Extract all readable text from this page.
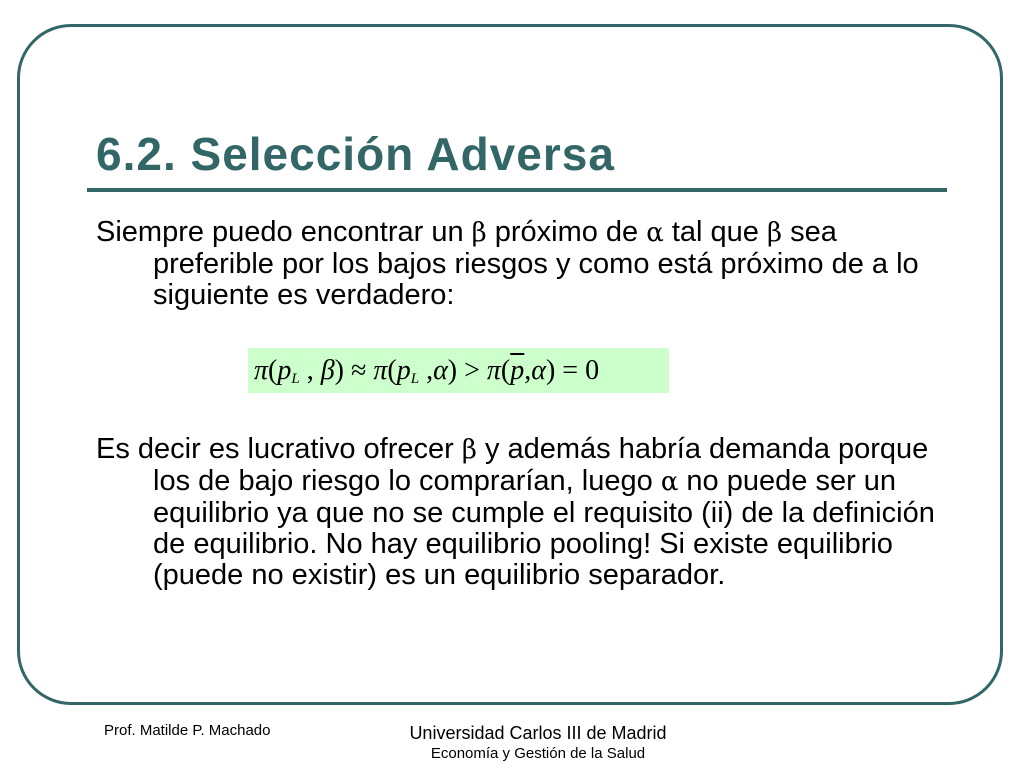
6.2. Selección Adversa

Siempre puedo encontrar un β próximo de α tal que β sea preferible por los bajos riesgos y como está próximo de a lo siguiente es verdadero:

$\pi(p_L$ , $\beta) \approx \pi(p_L$ $,\alpha) > \pi(\overline{p},\alpha) = 0$

Es decir es lucrativo ofrecer β y además habría demanda porque los de bajo riesgo lo comprarían, luego α no puede ser un equilibrio ya que no se cumple el requisito (ii) de la definición de equilibrio. No hay equilibrio pooling! Si existe equilibrio (puede no existir) es un equilibrio separador.

Prof. Matilde P. Machado	Universidad Carlos III de Madrid
Economía y Gestión de la Salud
